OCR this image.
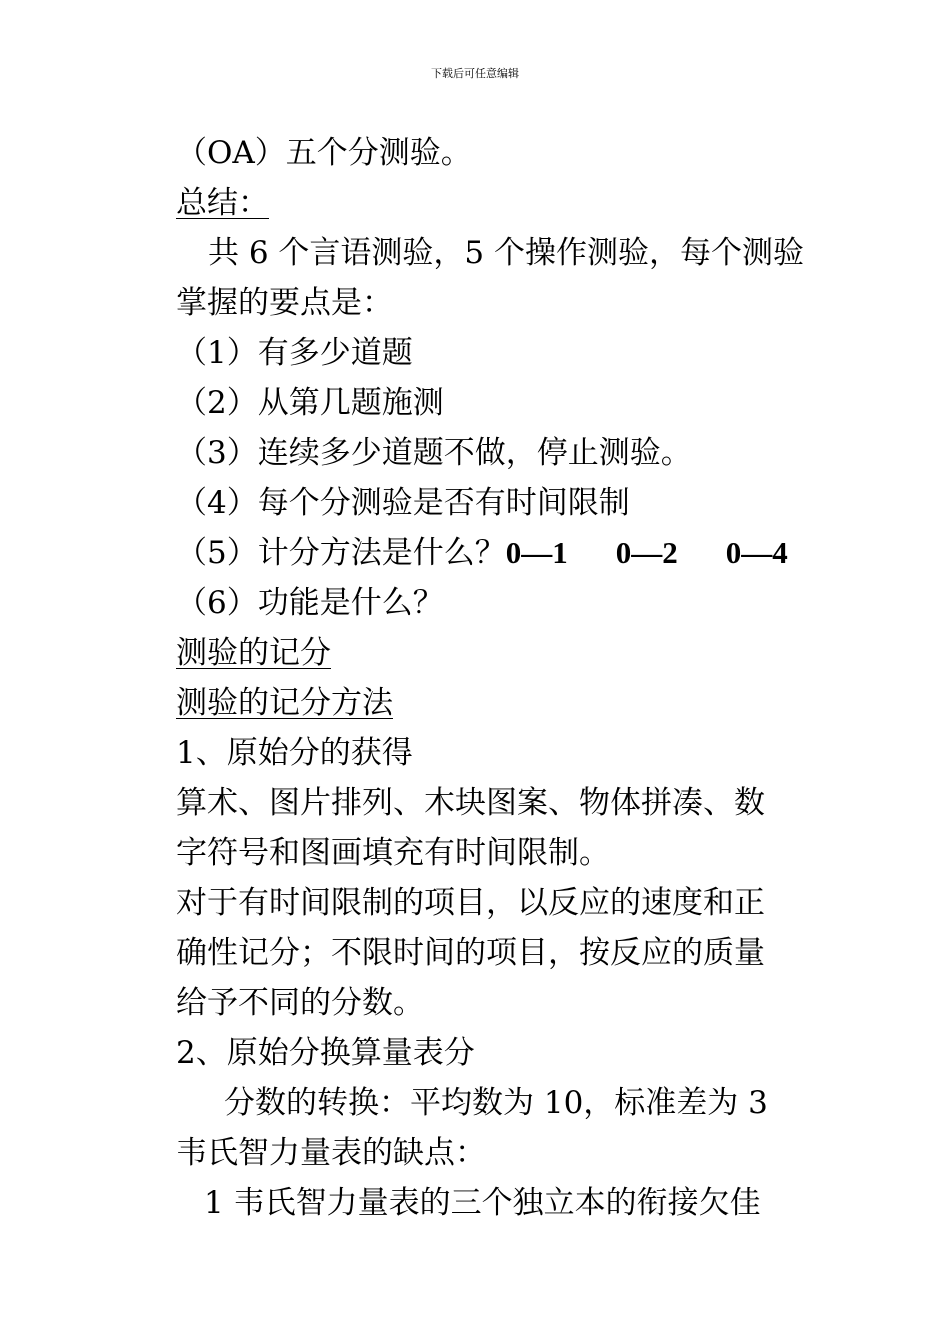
下载后可任意编辑
（OA）五个分测验。
总结：
共 6 个言语测验，5 个操作测验，每个测验
掌握的要点是：
（1）有多少道题
（2）从第几题施测
（3）连续多少道题不做，停止测验。
（4）每个分测验是否有时间限制
（5）计分方法是什么？0—1 0—2 0—4
（6）功能是什么？
测验的记分
测验的记分方法
1、原始分的获得
算术、图片排列、木块图案、物体拼凑、数
字符号和图画填充有时间限制。
对于有时间限制的项目，以反应的速度和正
确性记分；不限时间的项目，按反应的质量
给予不同的分数。
2、原始分换算量表分
分数的转换：平均数为 10，标准差为 3
韦氏智力量表的缺点：
1 韦氏智力量表的三个独立本的衔接欠佳
